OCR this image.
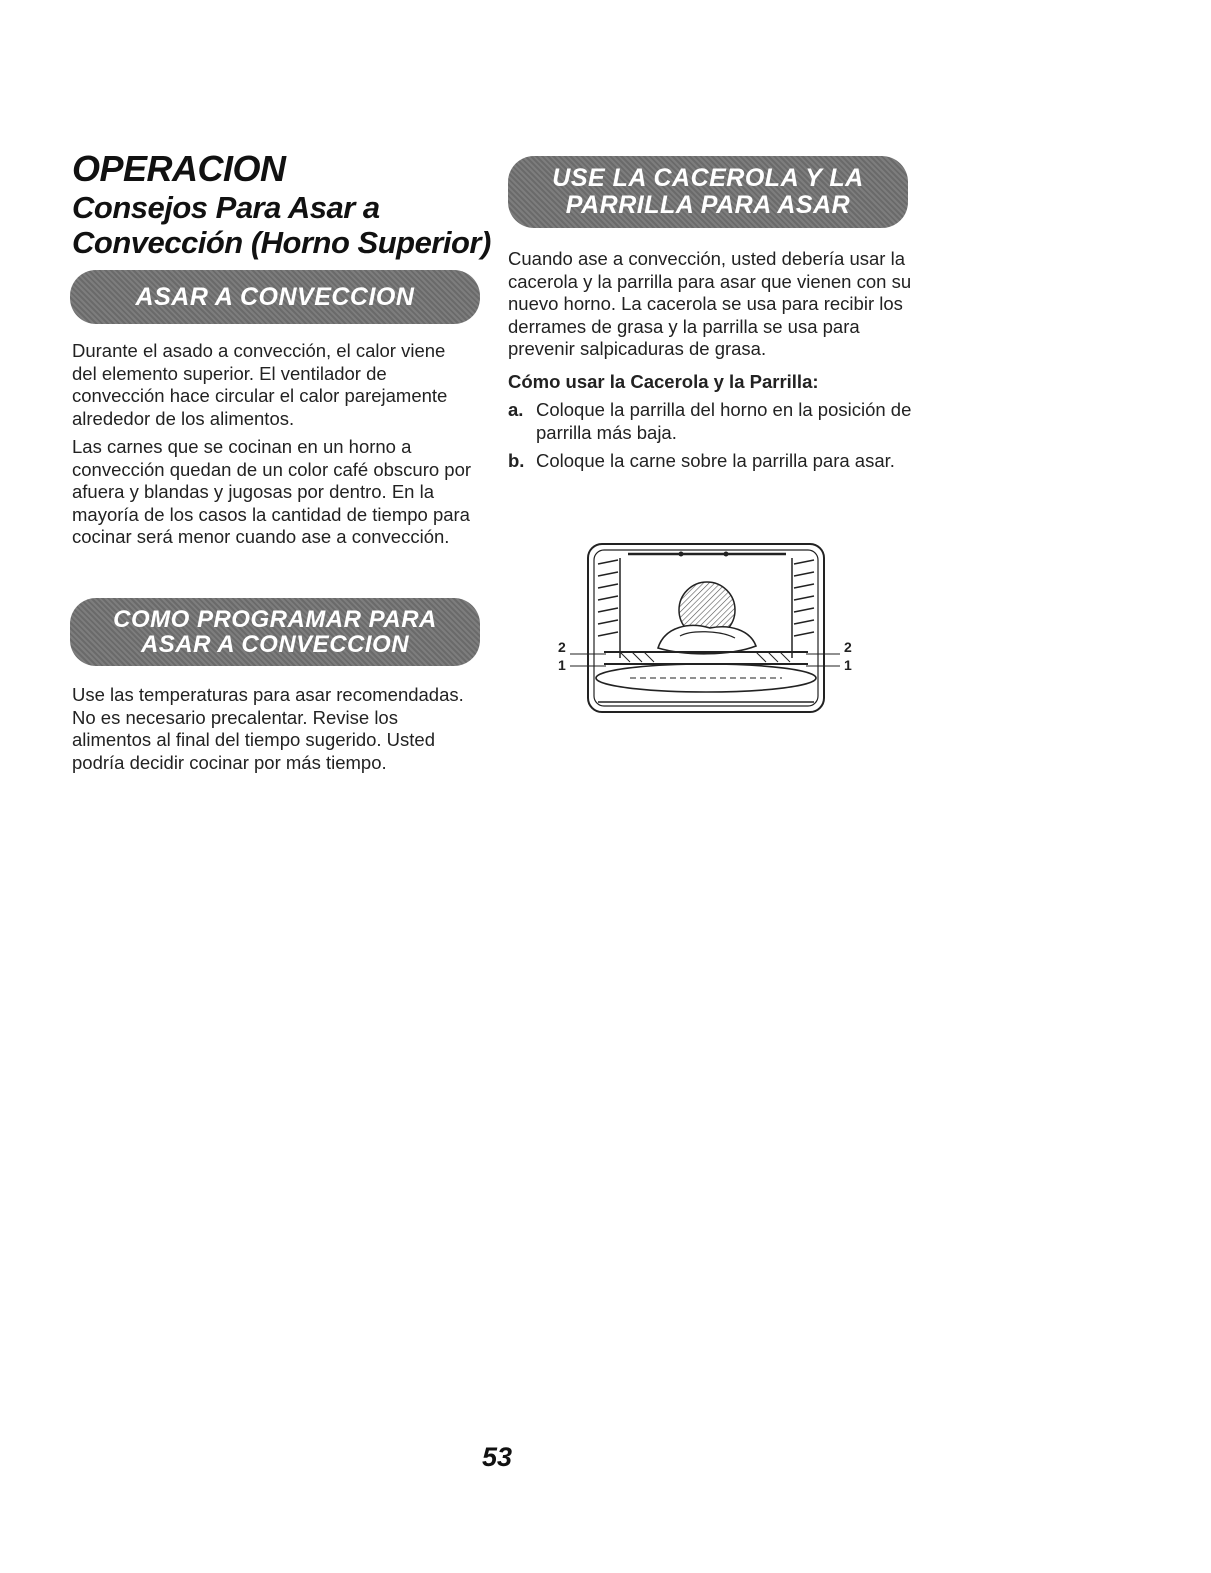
OPERACION
Consejos Para Asar a
Convección (Horno Superior)
ASAR A CONVECCION

Durante el asado a convección, el calor viene del elemento superior. El ventilador de convección hace circular el calor parejamente alrededor de los alimentos.

Las carnes que se cocinan en un horno a convección quedan de un color café obscuro por afuera y blandas y jugosas por dentro. En la mayoría de los casos la cantidad de tiempo para cocinar será menor cuando ase a convección.

COMO PROGRAMAR PARA
ASAR A CONVECCION

Use las temperaturas para asar recomendadas. No es necesario precalentar. Revise los alimentos al final del tiempo sugerido. Usted podría decidir cocinar por más tiempo.

USE LA CACEROLA Y LA
PARRILLA PARA ASAR

Cuando ase a convección, usted debería usar la cacerola y la parrilla para asar que vienen con su nuevo horno. La cacerola se usa para recibir los derrames de grasa y la parrilla se usa para prevenir salpicaduras de grasa.

Cómo usar la Cacerola y la Parrilla:

a. Coloque la parrilla del horno en la posición de parrilla más baja.
b. Coloque la carne sobre la parrilla para asar.
2
1
2
1
53
